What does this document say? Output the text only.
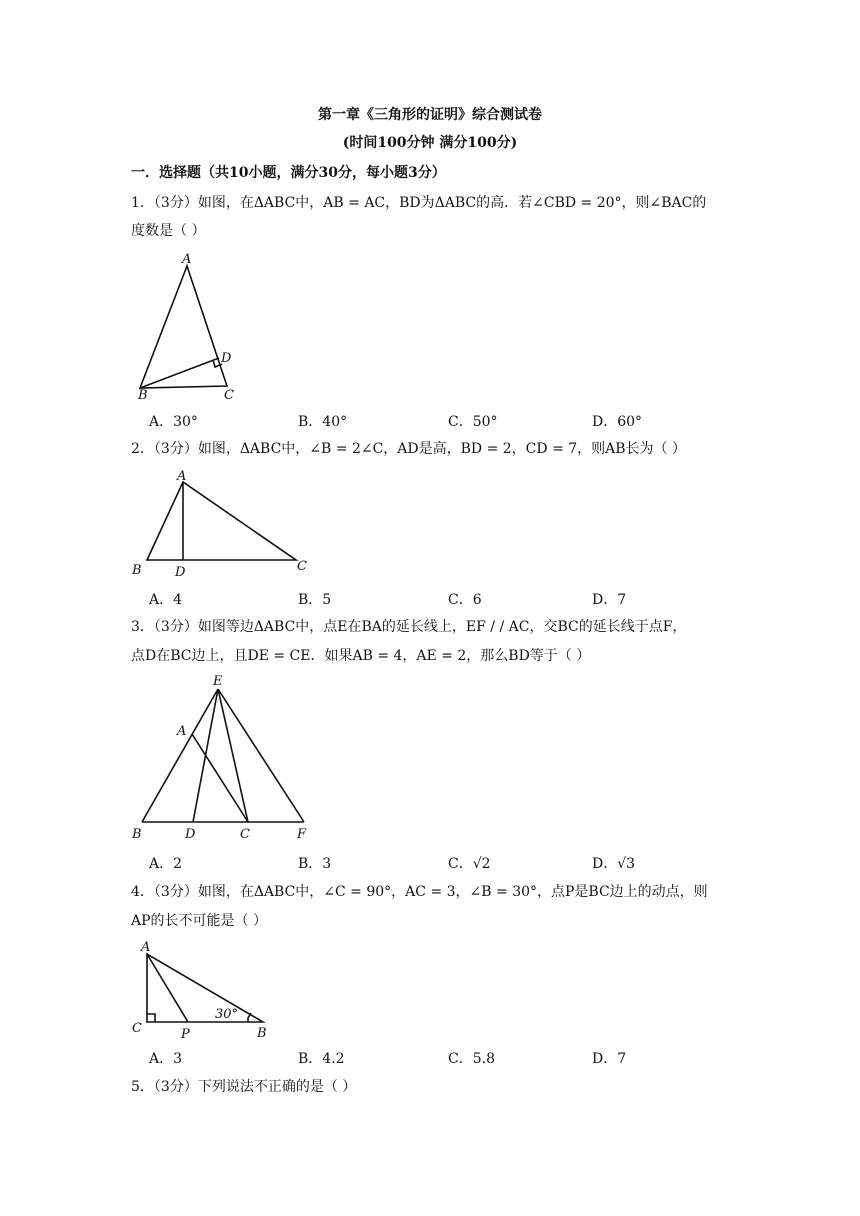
第一章《三角形的证明》综合测试卷
(时间100分钟 满分100分)
一．选择题（共10小题，满分30分，每小题3分）
1．（3分）如图，在ΔABC中，AB = AC，BD为ΔABC的高．若∠CBD = 20°，则∠BAC的
度数是（ ）
A
B	C
D
A．30°	B．40°	C．50°	D．60°
2．（3分）如图，ΔABC中，∠B = 2∠C，AD是高，BD = 2，CD = 7，则AB长为（ ）
A
B	D	C
A．4	B．5	C．6	D．7
3．（3分）如图等边ΔABC中，点E在BA的延长线上，EF / / AC，交BC的延长线于点F，
点D在BC边上，且DE = CE．如果AB = 4，AE = 2，那么BD等于（ ）
E
A
B	D	C	F
A．2	B．3	C．√2	D．√3
4．（3分）如图，在ΔABC中，∠C = 90°，AC = 3，∠B = 30°，点P是BC边上的动点，则
AP的长不可能是（ ）
A
C	P
30°
B
A．3	B．4.2	C．5.8	D．7
5．（3分）下列说法不正确的是（ ）
